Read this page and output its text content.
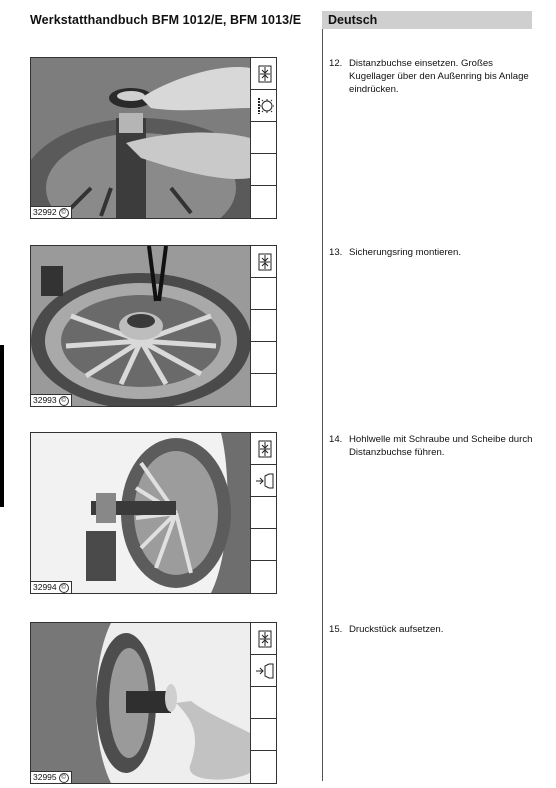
Werkstatthandbuch BFM 1012/E, BFM 1013/E	Deutsch
32992 ©
32993 ©
32994 ©
32995 ©
12. Distanzbuchse einsetzen. Großes Kugellager über den Außenring bis Anlage eindrücken.
13. Sicherungsring montieren.
14. Hohlwelle mit Schraube und Scheibe durch Distanzbuchse führen.
15. Druckstück aufsetzen.
